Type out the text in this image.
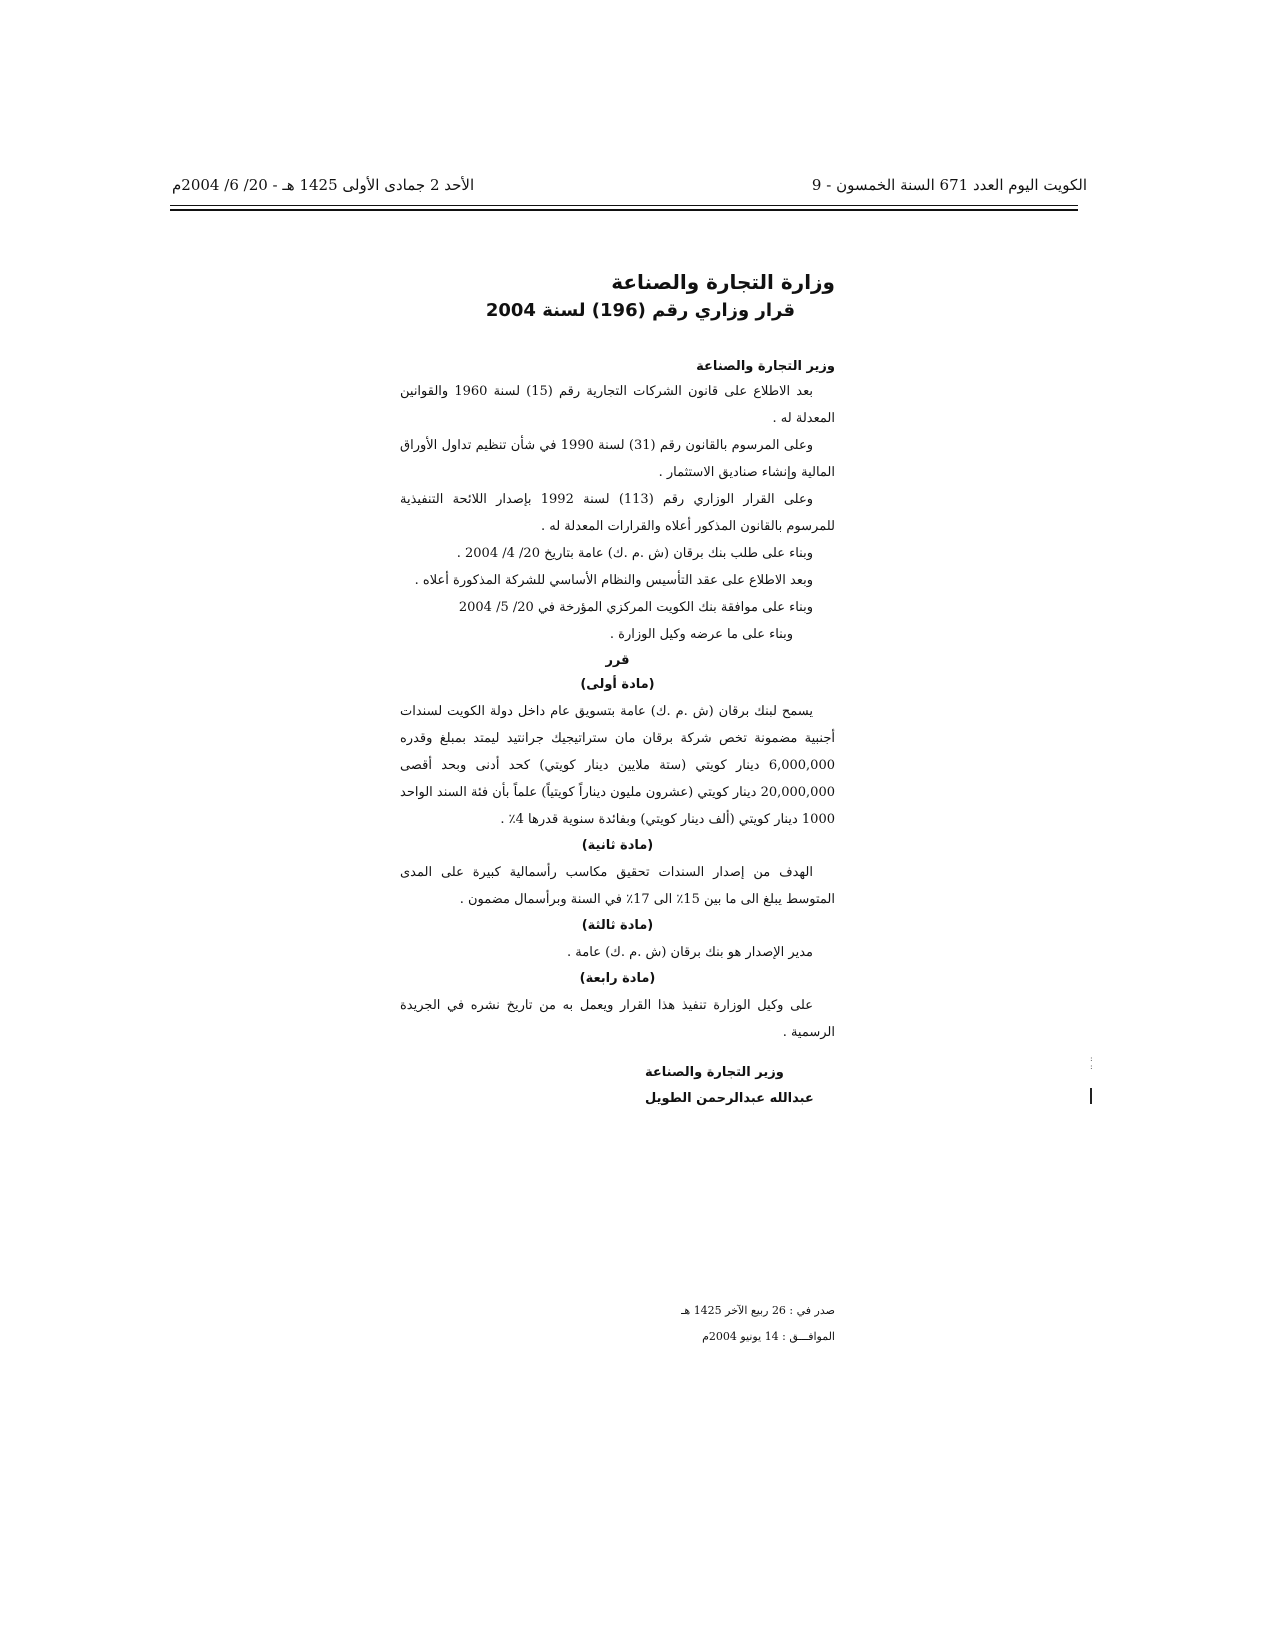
الكويت اليوم العدد 671 السنة الخمسون - 9
الأحد 2 جمادى الأولى 1425 هـ - 20/ 6/ 2004م
وزارة التجارة والصناعة
قرار وزاري رقم (196) لسنة 2004
وزير التجارة والصناعة

بعد الاطلاع على قانون الشركات التجارية رقم (15) لسنة 1960 والقوانين المعدلة له .

وعلى المرسوم بالقانون رقم (31) لسنة 1990 في شأن تنظيم تداول الأوراق المالية وإنشاء صناديق الاستثمار .

وعلى القرار الوزاري رقم (113) لسنة 1992 بإصدار اللائحة التنفيذية للمرسوم بالقانون المذكور أعلاه والقرارات المعدلة له .

وبناء على طلب بنك برقان (ش .م .ك) عامة بتاريخ 20/ 4/ 2004 .

وبعد الاطلاع على عقد التأسيس والنظام الأساسي للشركة المذكورة أعلاه .

وبناء على موافقة بنك الكويت المركزي المؤرخة في 20/ 5/ 2004

وبناء على ما عرضه وكيل الوزارة .

قرر
(مادة أولى)

يسمح لبنك برقان (ش .م .ك) عامة بتسويق عام داخل دولة الكويت لسندات أجنبية مضمونة تخص شركة برقان مان ستراتيجيك جرانتيد ليمتد بمبلغ وقدره 6,000,000 دينار كويتي (ستة ملايين دينار كويتي) كحد أدنى وبحد أقصى 20,000,000 دينار كويتي (عشرون مليون ديناراً كويتياً) علماً بأن فئة السند الواحد 1000 دينار كويتي (ألف دينار كويتي) وبفائدة سنوية قدرها 4٪ .

(مادة ثانية)

الهدف من إصدار السندات تحقيق مكاسب رأسمالية كبيرة على المدى المتوسط يبلغ الى ما بين 15٪ الى 17٪ في السنة وبرأسمال مضمون .

(مادة ثالثة)

مدير الإصدار هو بنك برقان (ش .م .ك) عامة .

(مادة رابعة)

على وكيل الوزارة تنفيذ هذا القرار ويعمل به من تاريخ نشره في الجريدة الرسمية .

وزير التجارة والصناعة
عبدالله عبدالرحمن الطويل
صدر في : 26 ربيع الآخر 1425 هـ
الموافـــق : 14 يونيو 2004م
:
:
